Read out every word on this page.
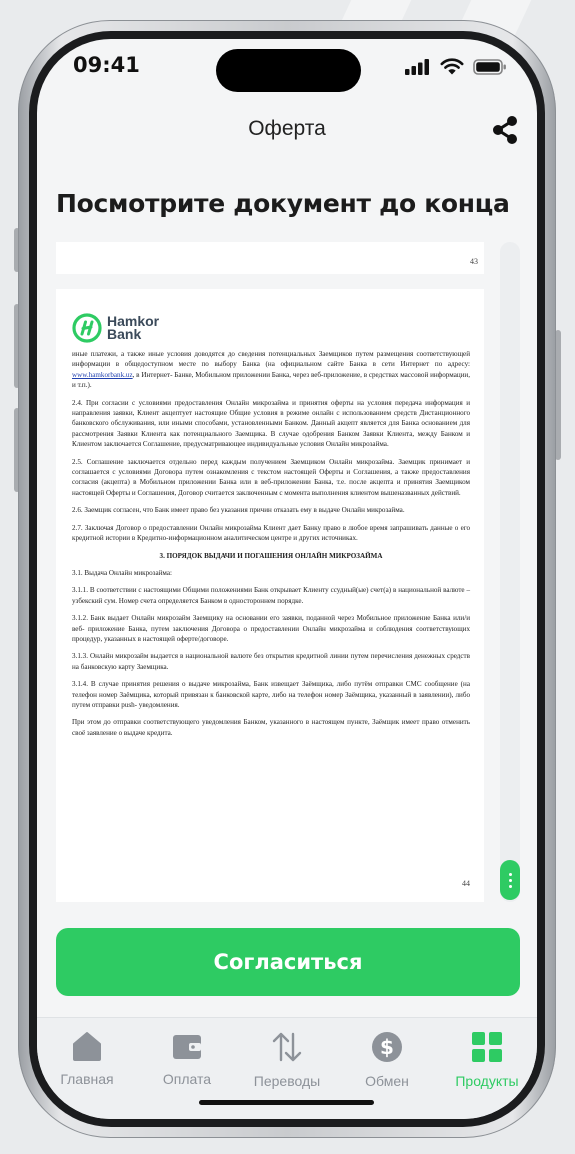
09:41
Оферта
Посмотрите документ до конца
43
Hamkor
Bank

иные платежи, а также иные условия доводятся до сведения потенциальных Заемщиков путем размещения соответствующей информации в общедоступном месте по выбору Банка (на официальном сайте Банка в сети Интернет по адресу: www.hamkorbank.uz, в Интернет- Банке, Мобильном приложении Банка, через веб-приложение, в средствах массовой информации, и т.п.).

2.4. При согласии с условиями предоставления Онлайн микрозайма и принятия оферты на условия передача информация и направления заявки, Клиент акцептует настоящие Общие условия в режиме онлайн с использованием средств Дистанционного банковского обслуживания, или иными способами, установленными Банком. Данный акцепт является для Банка основанием для рассмотрения Заявки Клиента как потенциального Заемщика. В случае одобрения Банком Заявки Клиента, между Банком и Клиентом заключается Соглашение, предусматривающее индивидуальные условия Онлайн микрозайма.

2.5. Соглашение заключается отдельно перед каждым получением Заемщиком Онлайн микрозайма. Заемщик принимает и соглашается с условиями Договора путем ознакомления с текстом настоящей Оферты и Соглашения, а также предоставления согласия (акцепта) в Мобильном приложении Банка или в веб-приложении Банка, т.е. после акцепта и принятия Заемщиком настоящей Оферты и Соглашения, Договор считается заключенным с момента выполнения клиентом вышеназванных действий.

2.6. Заемщик согласен, что Банк имеет право без указания причин отказать ему в выдаче Онлайн микрозайма.

2.7. Заключая Договор о предоставлении Онлайн микрозайма Клиент дает Банку право в любое время запрашивать данные о его кредитной истории в Кредитно-информационном аналитическом центре и других источниках.

3. ПОРЯДОК ВЫДАЧИ И ПОГАШЕНИЯ ОНЛАЙН МИКРОЗАЙМА

3.1. Выдача Онлайн микрозайма:

3.1.1. В соответствии с настоящими Общими положениями Банк открывает Клиенту ссудный(ые) счет(а) в национальной валюте – узбекский сум. Номер счета определяется Банком в одностороннем порядке.

3.1.2. Банк выдает Онлайн микрозайм Заемщику на основании его заявки, поданной через Мобильное приложение Банка или/и веб- приложение Банка, путем заключения Договора о предоставлении Онлайн микрозайма и соблюдения соответствующих процедур, указанных в настоящей оферте/договоре.

3.1.3. Онлайн микрозайм выдается в национальной валюте без открытия кредитной линии путем перечисления денежных средств на банковскую карту Заемщика.

3.1.4. В случае принятия решения о выдаче микрозайма, Банк извещает Заёмщика, либо путём отправки СМС сообщение (на телефон номер Заёмщика, который привязан к банковской карте, либо на телефон номер Заёмщика, указанный в заявлении), либо путем отправки push- уведомления.

При этом до отправки соответствующего уведомления Банком, указанного в настоящем пункте, Заёмщик имеет право отменить своё заявление о выдаче кредита.

44
Согласиться
Главная	Оплата	Переводы
$
Обмен	Продукты
